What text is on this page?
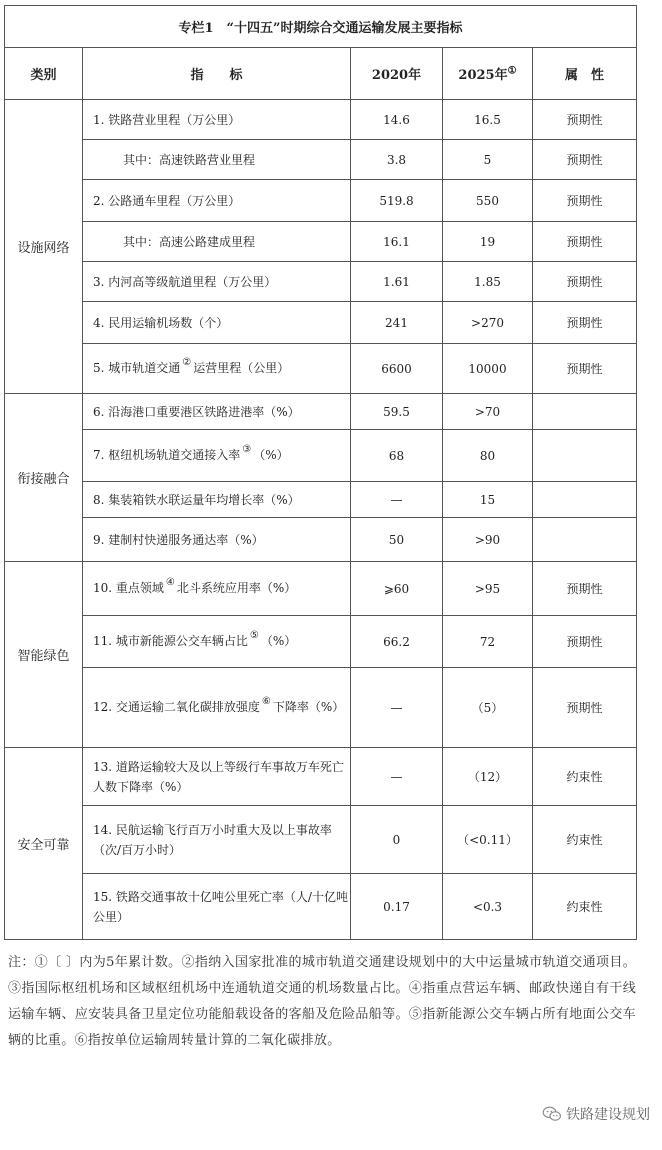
专栏1　“十四五”时期综合交通运输发展主要指标				
类别	指　　标	2020年	2025年①	属　性
设施网络	1. 铁路营业里程（万公里）	14.6	16.5	预期性
	其中：高速铁路营业里程	3.8	5	预期性
	2. 公路通车里程（万公里）	519.8	550	预期性
	其中：高速公路建成里程	16.1	19	预期性
	3. 内河高等级航道里程（万公里）	1.61	1.85	预期性
	4. 民用运输机场数（个）	241	>270	预期性
	5. 城市轨道交通 ② 运营里程（公里）	6600	10000	预期性
衔接融合	6. 沿海港口重要港区铁路进港率（%）	59.5	>70	
	7. 枢纽机场轨道交通接入率 ③ （%）	68	80	
	8. 集装箱铁水联运量年均增长率（%）	—	15	
	9. 建制村快递服务通达率（%）	50	>90	
智能绿色	10. 重点领域 ④ 北斗系统应用率（%）	⩾60	>95	预期性
	11. 城市新能源公交车辆占比 ⑤ （%）	66.2	72	预期性
	12. 交通运输二氧化碳排放强度 ⑥ 下降率（%）	—	（5）	预期性
安全可靠	13. 道路运输较大及以上等级行车事故万车死亡人数下降率（%）	—	（12）	约束性
	14. 民航运输飞行百万小时重大及以上事故率（次/百万小时）	0	（<0.11）	约束性
	15. 铁路交通事故十亿吨公里死亡率（人/十亿吨公里）	0.17	<0.3	约束性

注：①〔 〕内为5年累计数。②指纳入国家批准的城市轨道交通建设规划中的大中运量城市轨道交通项目。③指国际枢纽机场和区域枢纽机场中连通轨道交通的机场数量占比。④指重点营运车辆、邮政快递自有干线运输车辆、应安装具备卫星定位功能船载设备的客船及危险品船等。⑤指新能源公交车辆占所有地面公交车辆的比重。⑥指按单位运输周转量计算的二氧化碳排放。

铁路建设规划
